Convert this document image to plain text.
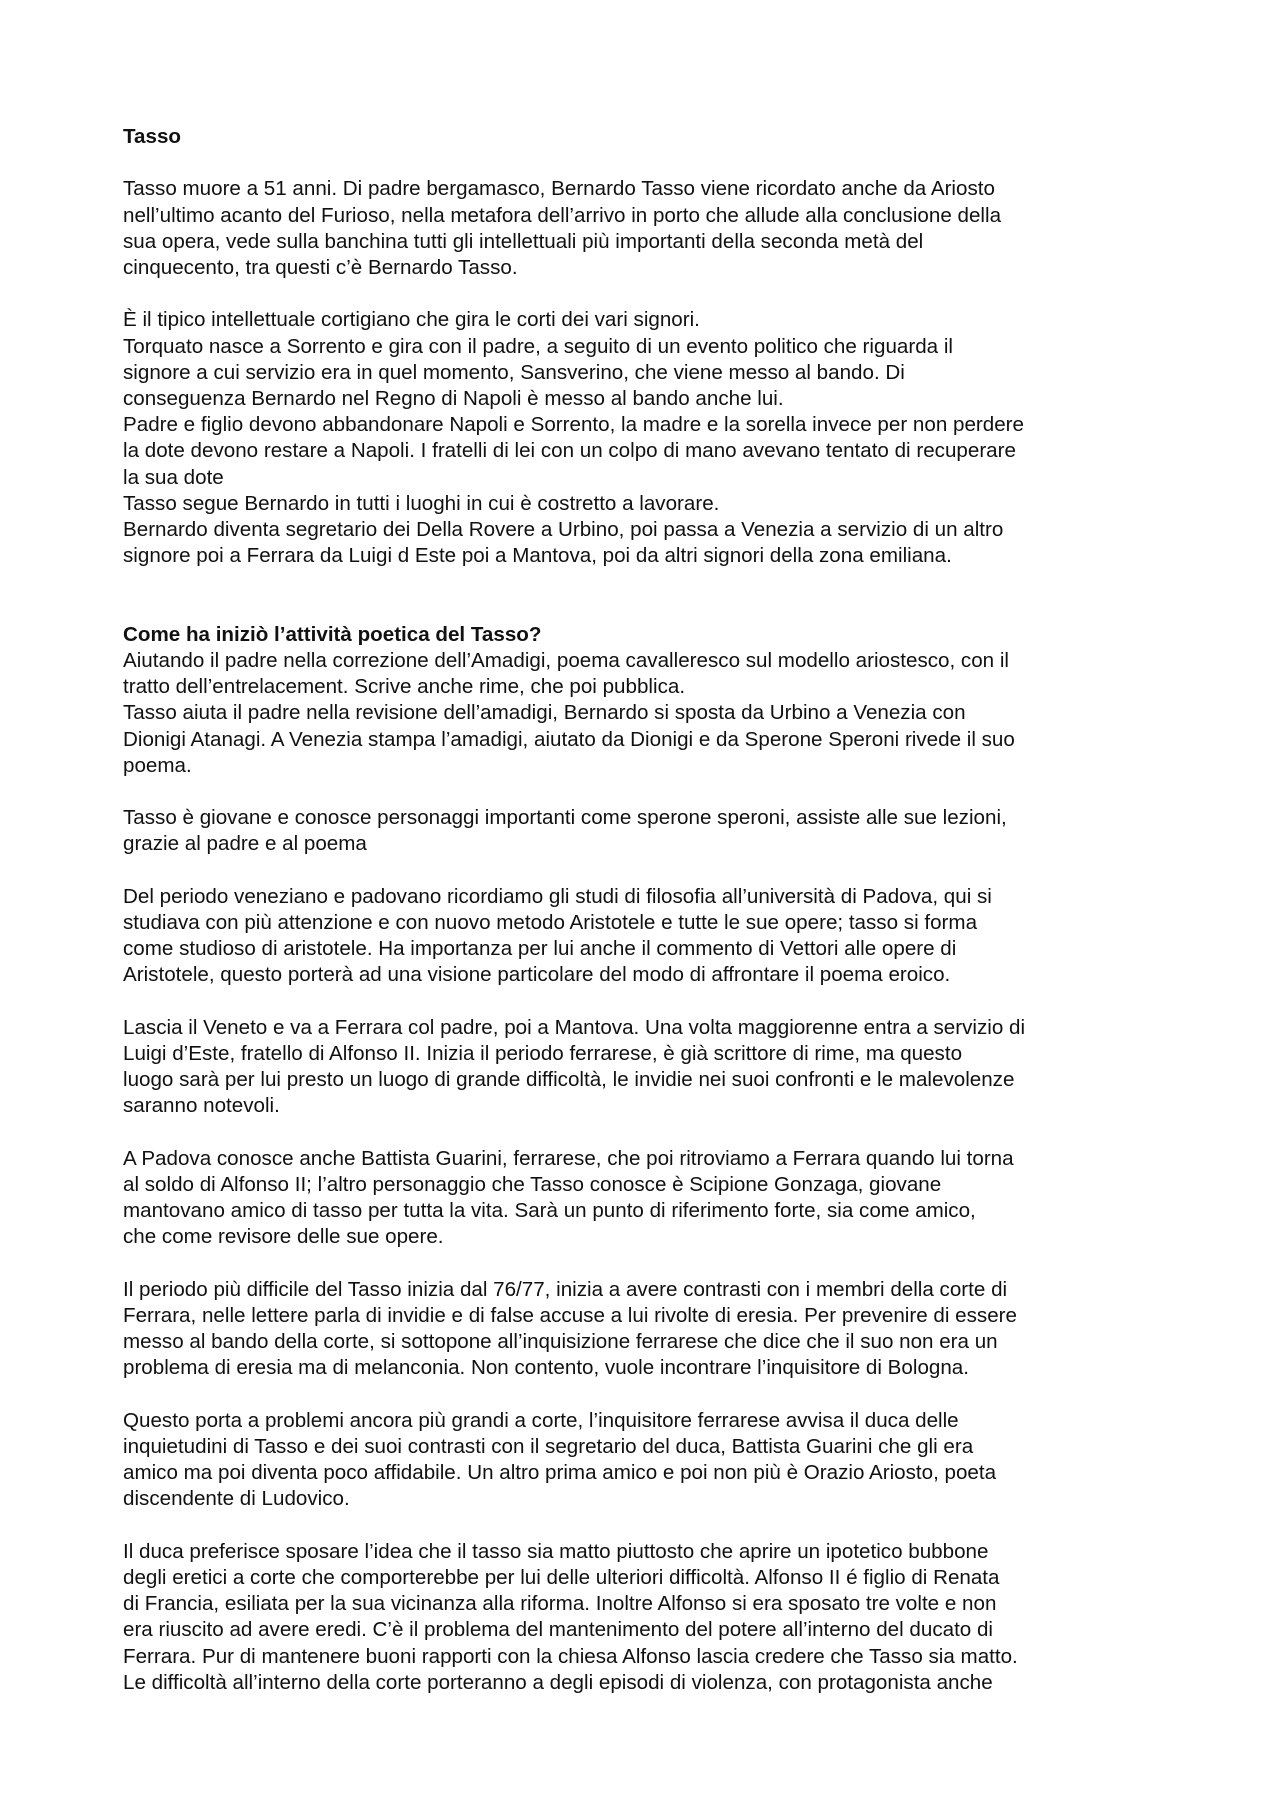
Tasso
Tasso muore a 51 anni. Di padre bergamasco, Bernardo Tasso viene ricordato anche da Ariosto
nell’ultimo acanto del Furioso, nella metafora dell’arrivo in porto che allude alla conclusione della
sua opera, vede sulla banchina tutti gli intellettuali più importanti della seconda metà del
cinquecento, tra questi c’è Bernardo Tasso.
È il tipico intellettuale cortigiano che gira le corti dei vari signori.
Torquato nasce a Sorrento e gira con il padre, a seguito di un evento politico che riguarda il
signore a cui servizio era in quel momento, Sansverino, che viene messo al bando. Di
conseguenza Bernardo nel Regno di Napoli è messo al bando anche lui.
Padre e figlio devono abbandonare Napoli e Sorrento, la madre e la sorella invece per non perdere
la dote devono restare a Napoli. I fratelli di lei con un colpo di mano avevano tentato di recuperare
la sua dote
Tasso segue Bernardo in tutti i luoghi in cui è costretto a lavorare.
Bernardo diventa segretario dei Della Rovere a Urbino, poi passa a Venezia a servizio di un altro
signore poi a Ferrara da Luigi d Este poi a Mantova, poi da altri signori della zona emiliana.
Come ha iniziò l’attività poetica del Tasso?
Aiutando il padre nella correzione dell’Amadigi, poema cavalleresco sul modello ariostesco, con il
tratto dell’entrelacement. Scrive anche rime, che poi pubblica.
Tasso aiuta il padre nella revisione dell’amadigi, Bernardo si sposta da Urbino a Venezia con
Dionigi Atanagi. A Venezia stampa l’amadigi, aiutato da Dionigi e da Sperone Speroni rivede il suo
poema.
Tasso è giovane e conosce personaggi importanti come sperone speroni, assiste alle sue lezioni,
grazie al padre e al poema
Del periodo veneziano e padovano ricordiamo gli studi di filosofia all’università di Padova, qui si
studiava con più attenzione e con nuovo metodo Aristotele e tutte le sue opere; tasso si forma
come studioso di aristotele. Ha importanza per lui anche il commento di Vettori alle opere di
Aristotele, questo porterà ad una visione particolare del modo di affrontare il poema eroico.
Lascia il Veneto e va a Ferrara col padre, poi a Mantova. Una volta maggiorenne entra a servizio di
Luigi d’Este, fratello di Alfonso II. Inizia il periodo ferrarese, è già scrittore di rime, ma questo
luogo sarà per lui presto un luogo di grande difficoltà, le invidie nei suoi confronti e le malevolenze
saranno notevoli.
A Padova conosce anche Battista Guarini, ferrarese, che poi ritroviamo a Ferrara quando lui torna
al soldo di Alfonso II; l’altro personaggio che Tasso conosce è Scipione Gonzaga, giovane
mantovano amico di tasso per tutta la vita. Sarà un punto di riferimento forte, sia come amico,
che come revisore delle sue opere.
Il periodo più difficile del Tasso inizia dal 76/77, inizia a avere contrasti con i membri della corte di
Ferrara, nelle lettere parla di invidie e di false accuse a lui rivolte di eresia. Per prevenire di essere
messo al bando della corte, si sottopone all’inquisizione ferrarese che dice che il suo non era un
problema di eresia ma di melanconia. Non contento, vuole incontrare l’inquisitore di Bologna.
Questo porta a problemi ancora più grandi a corte, l’inquisitore ferrarese avvisa il duca delle
inquietudini di Tasso e dei suoi contrasti con il segretario del duca, Battista Guarini che gli era
amico ma poi diventa poco affidabile. Un altro prima amico e poi non più è Orazio Ariosto, poeta
discendente di Ludovico.
Il duca preferisce sposare l’idea che il tasso sia matto piuttosto che aprire un ipotetico bubbone
degli eretici a corte che comporterebbe per lui delle ulteriori difficoltà. Alfonso II é figlio di Renata
di Francia, esiliata per la sua vicinanza alla riforma. Inoltre Alfonso si era sposato tre volte e non
era riuscito ad avere eredi. C’è il problema del mantenimento del potere all’interno del ducato di
Ferrara. Pur di mantenere buoni rapporti con la chiesa Alfonso lascia credere che Tasso sia matto.
Le difficoltà all’interno della corte porteranno a degli episodi di violenza, con protagonista anche
